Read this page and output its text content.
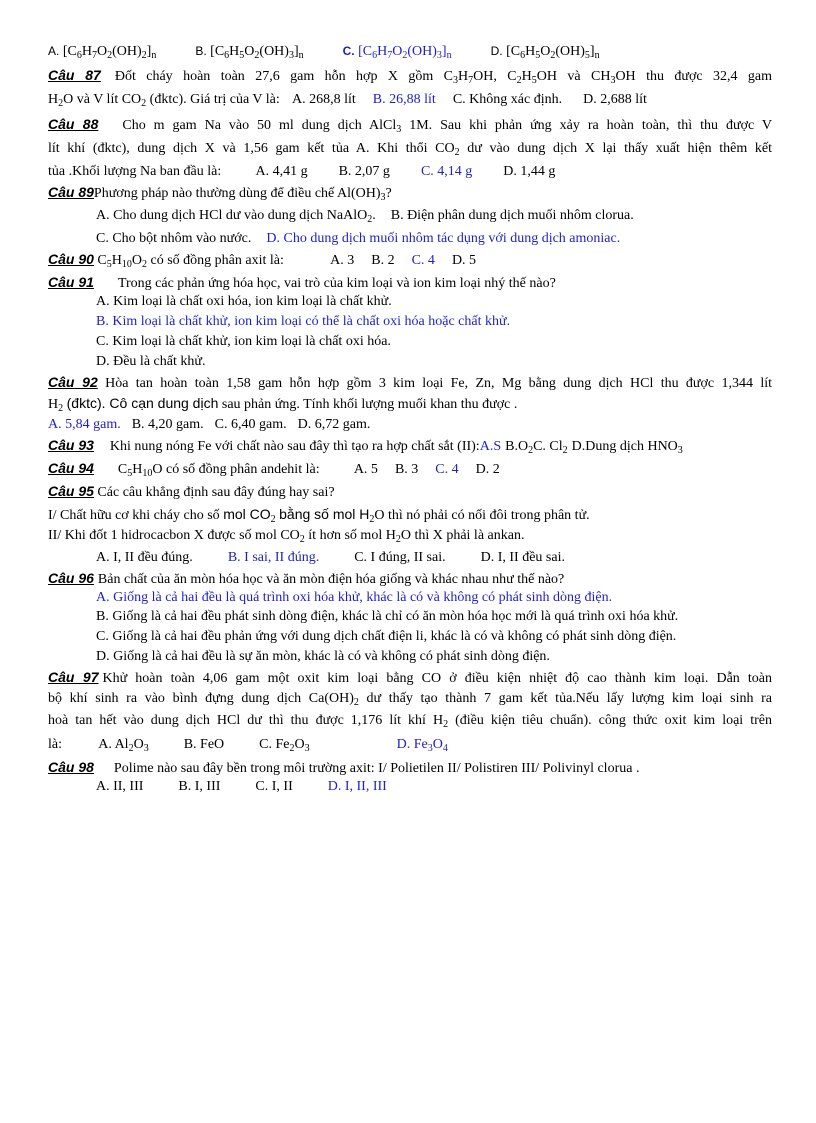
A. $[C_6H_7O_2(OH)_2]_n$	B. $[C_6H_5O_2(OH)_3]_n$	C. $[C_6H_7O_2(OH)_3]_n$	D. $[C_6H_5O_2(OH)_5]_n$
Câu 87 Đốt cháy hoàn toàn 27,6 gam hỗn hợp X gồm $C_3H_7OH$, $C_2H_5OH$ và $CH_3OH$ thu được 32,4 gam
$H_2O$ và V lít $CO_2$ (đktc). Giá trị của V là: A. 268,8 lít B. 26,88 lít C. Không xác định. D. 2,688 lít
Câu 88 Cho m gam Na vào 50 ml dung dịch AlCl$_3$ 1M. Sau khi phản ứng xảy ra hoàn toàn, thì thu được V
lít khí (đktc), dung dịch X và 1,56 gam kết tủa A. Khi thổi $CO_2$ dư vào dung dịch X lại thấy xuất hiện thêm kết
tủa .Khối lượng Na ban đầu là: A. 4,41 g B. 2,07 g C. 4,14 g D. 1,44 g
Câu 89Phương pháp nào thường dùng để điều chế $Al(OH)_3$?
A. Cho dung dịch HCl dư vào dung dịch NaAlO$_2$. B. Điện phân dung dịch muối nhôm clorua.
C. Cho bột nhôm vào nước. D. Cho dung dịch muối nhôm tác dụng với dung dịch amoniac.
Câu 90 $C_5H_{10}O_2$ có số đồng phân axit là:	A. 3 B. 2 C. 4 D. 5
Câu 91 Trong các phản ứng hóa học, vai trò của kim loại và ion kim loại nhý thế nào?
A. Kim loại là chất oxi hóa, ion kim loại là chất khử.
B. Kim loại là chất khử, ion kim loại có thể là chất oxi hóa hoặc chất khử.
C. Kim loại là chất khử, ion kim loại là chất oxi hóa.
D. Đều là chất khử.
Câu 92 Hòa tan hoàn toàn 1,58 gam hỗn hợp gồm 3 kim loại Fe, Zn, Mg bằng dung dịch HCl thu được 1,344 lít
$H_2$ (đktc). Cô cạn dung dịch sau phản ứng. Tính khối lượng muối khan thu được .
A. 5,84 gam. B. 4,20 gam. C. 6,40 gam. D. 6,72 gam.
Câu 93 Khi nung nóng Fe với chất nào sau đây thì tạo ra hợp chất sắt (II):A.S $B.O_2C$. $Cl_2$ D.Dung dịch $HNO_3$
Câu 94 $C_5H_{10}O$ có số đồng phân andehit là: A. 5 B. 3 C. 4 D. 2
Câu 95 Các câu khẳng định sau đây đúng hay sai?
I/ Chất hữu cơ khi cháy cho số mol $CO_2$ bằng số mol $H_2O$ thì nó phải có nối đôi trong phân tử.
II/ Khi đốt 1 hidrocacbon X được số mol $CO_2$ ít hơn số mol $H_2O$ thì X phải là ankan.
A. I, II đều đúng.	B. I sai, II đúng.	C. I đúng, II sai.	D. I, II đều sai.
Câu 96 Bản chất của ăn mòn hóa học và ăn mòn điện hóa giống và khác nhau như thế nào?
A. Giống là cả hai đều là quá trình oxi hóa khử, khác là có và không có phát sinh dòng điện.
B. Giống là cả hai đều phát sinh dòng điện, khác là chỉ có ăn mòn hóa học mới là quá trình oxi hóa khử.
C. Giống là cả hai đều phản ứng với dung dịch chất điện li, khác là có và không có phát sinh dòng điện.
D. Giống là cả hai đều là sự ăn mòn, khác là có và không có phát sinh dòng điện.
Câu 97 Khử hoàn toàn 4,06 gam một oxit kim loại bằng CO ở điều kiện nhiệt độ cao thành kim loại. Dẫn toàn
bộ khí sinh ra vào bình đựng dung dịch $Ca(OH)_2$ dư thấy tạo thành 7 gam kết tủa.Nếu lấy lượng kim loại sinh ra
hoà tan hết vào dung dịch HCl dư thì thu được 1,176 lít khí $H_2$ (điều kiện tiêu chuẩn). công thức oxit kim loại trên
là:	A. $Al_2O_3$	B. FeO	C. $Fe_2O_3$	D. $Fe_3O_4$
Câu 98 Polime nào sau đây bền trong môi trường axit: I/ Polietilen II/ Polistiren III/ Polivinyl clorua .
A. II, III	B. I, III	C. I, II	D. I, II, III
